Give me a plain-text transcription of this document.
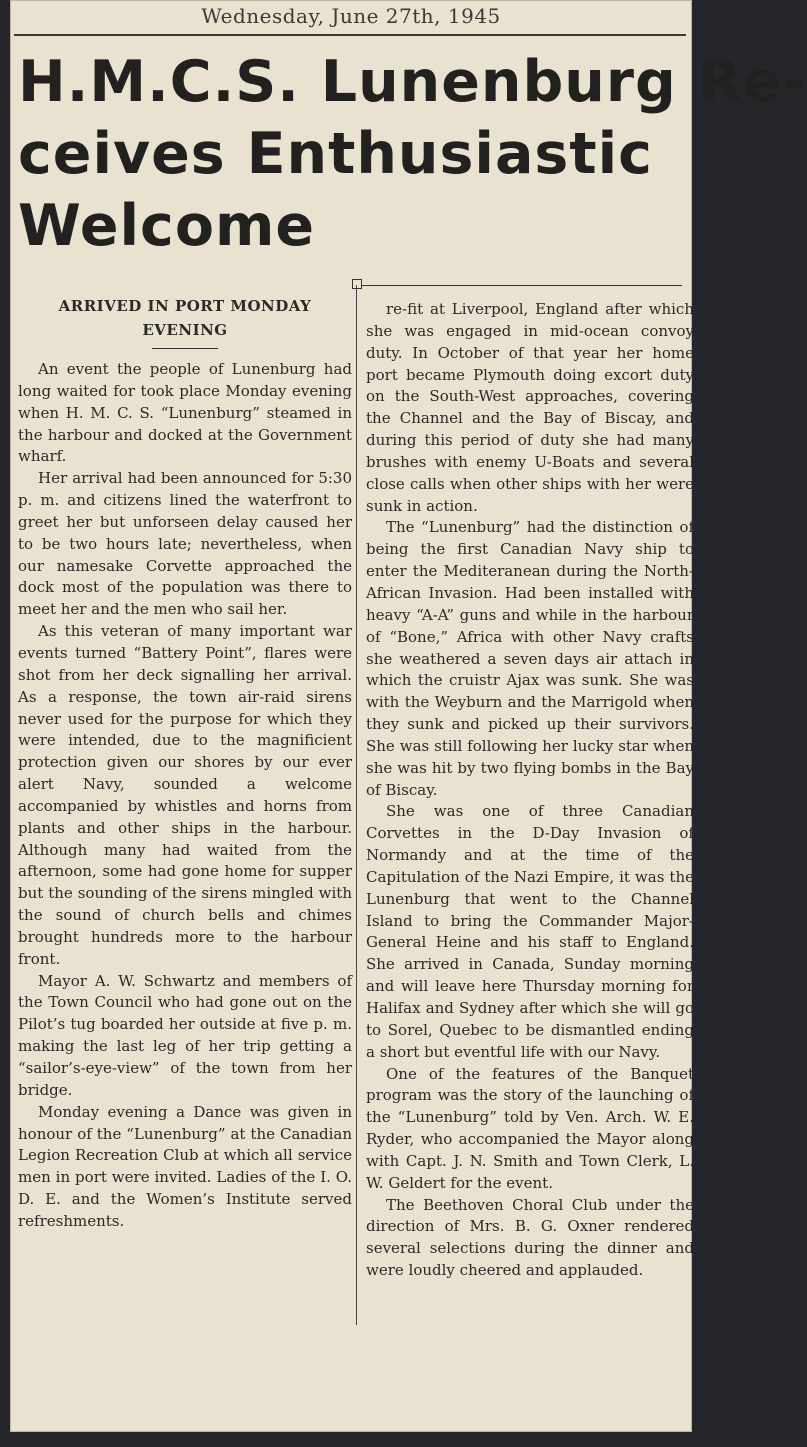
Wednesday, June 27th, 1945
H.M.C.S. Lunenburg Re-
ceives Enthusiastic
Welcome
ARRIVED IN PORT MONDAY
EVENING

An event the people of Lunenburg had long waited for took place Monday evening when H. M. C. S. “Lunenburg” steamed in the harbour and docked at the Government wharf.

Her arrival had been announced for 5:30 p. m. and citizens lined the waterfront to greet her but unforseen delay caused her to be two hours late; nevertheless, when our namesake Corvette approached the dock most of the population was there to meet her and the men who sail her.

As this veteran of many important war events turned “Battery Point”, flares were shot from her deck signalling her arrival. As a response, the town air-raid sirens never used for the purpose for which they were intended, due to the magnificient protection given our shores by our ever alert Navy, sounded a welcome accompanied by whistles and horns from plants and other ships in the harbour. Although many had waited from the afternoon, some had gone home for supper but the sounding of the sirens mingled with the sound of church bells and chimes brought hundreds more to the harbour front.

Mayor A. W. Schwartz and members of the Town Council who had gone out on the Pilot’s tug boarded her outside at five p. m. making the last leg of her trip getting a “sailor’s-eye-view” of the town from her bridge.

Monday evening a Dance was given in honour of the “Lunenburg” at the Canadian Legion Recreation Club at which all service men in port were invited. Ladies of the I. O. D. E. and the Women’s Institute served refreshments.

re-fit at Liverpool, England after which she was engaged in mid-ocean convoy duty. In October of that year her home port became Plymouth doing excort duty on the South-West approaches, covering the Channel and the Bay of Biscay, and during this period of duty she had many brushes with enemy U-Boats and several close calls when other ships with her were sunk in action.

The “Lunenburg” had the distinction of being the first Canadian Navy ship to enter the Mediteranean during the North-African Invasion. Had been installed with heavy “A-A” guns and while in the harbour of “Bone,” Africa with other Navy crafts she weathered a seven days air attach in which the cruistr Ajax was sunk. She was with the Weyburn and the Marrigold when they sunk and picked up their survivors. She was still following her lucky star when she was hit by two flying bombs in the Bay of Biscay.

She was one of three Canadian Corvettes in the D-Day Invasion of Normandy and at the time of the Capitulation of the Nazi Empire, it was the Lunenburg that went to the Channel Island to bring the Commander Major-General Heine and his staff to England. She arrived in Canada, Sunday morning and will leave here Thursday morning for Halifax and Sydney after which she will go to Sorel, Quebec to be dismantled ending a short but eventful life with our Navy.

One of the features of the Banquet program was the story of the launching of the “Lunenburg” told by Ven. Arch. W. E. Ryder, who accompanied the Mayor along with Capt. J. N. Smith and Town Clerk, L. W. Geldert for the event.

The Beethoven Choral Club under the direction of Mrs. B. G. Oxner rendered several selections during the dinner and were loudly cheered and applauded.
